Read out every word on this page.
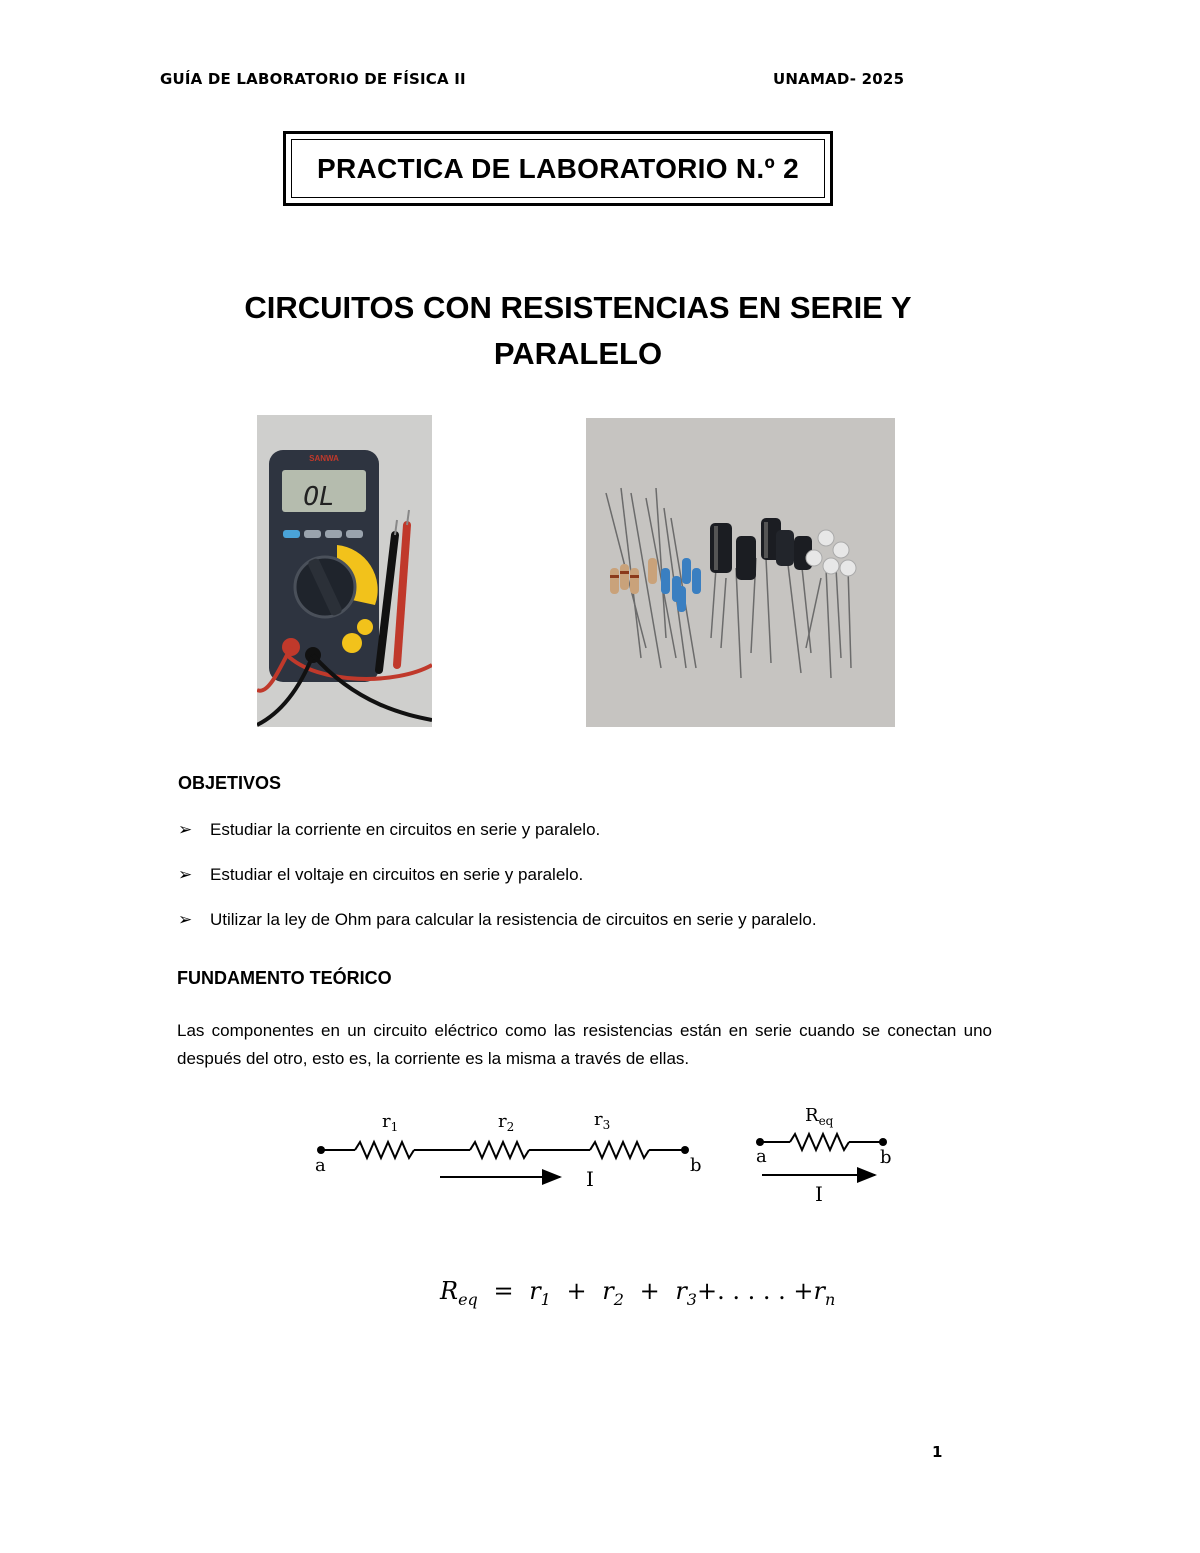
GUÍA DE LABORATORIO DE FÍSICA II	UNAMAD- 2025
PRACTICA DE LABORATORIO N.º 2
CIRCUITOS CON RESISTENCIAS EN SERIE Y
PARALELO
SANWA
OL
OBJETIVOS
➢	Estudiar la corriente en circuitos en serie y paralelo.
➢	Estudiar el voltaje en circuitos en serie y paralelo.
➢	Utilizar la ley de Ohm para calcular la resistencia de circuitos en serie y paralelo.
FUNDAMENTO TEÓRICO
Las componentes en un circuito eléctrico como las resistencias están en serie cuando se conectan uno después del otro, esto es, la corriente es la misma a través de ellas.
a	b
$r_1$	$r_2$	$r_3$
I
a	b
$R_{eq}$
I
$R_{eq} = r_1 + r_2 + r_3+$. . . . . $+r_n$
1
